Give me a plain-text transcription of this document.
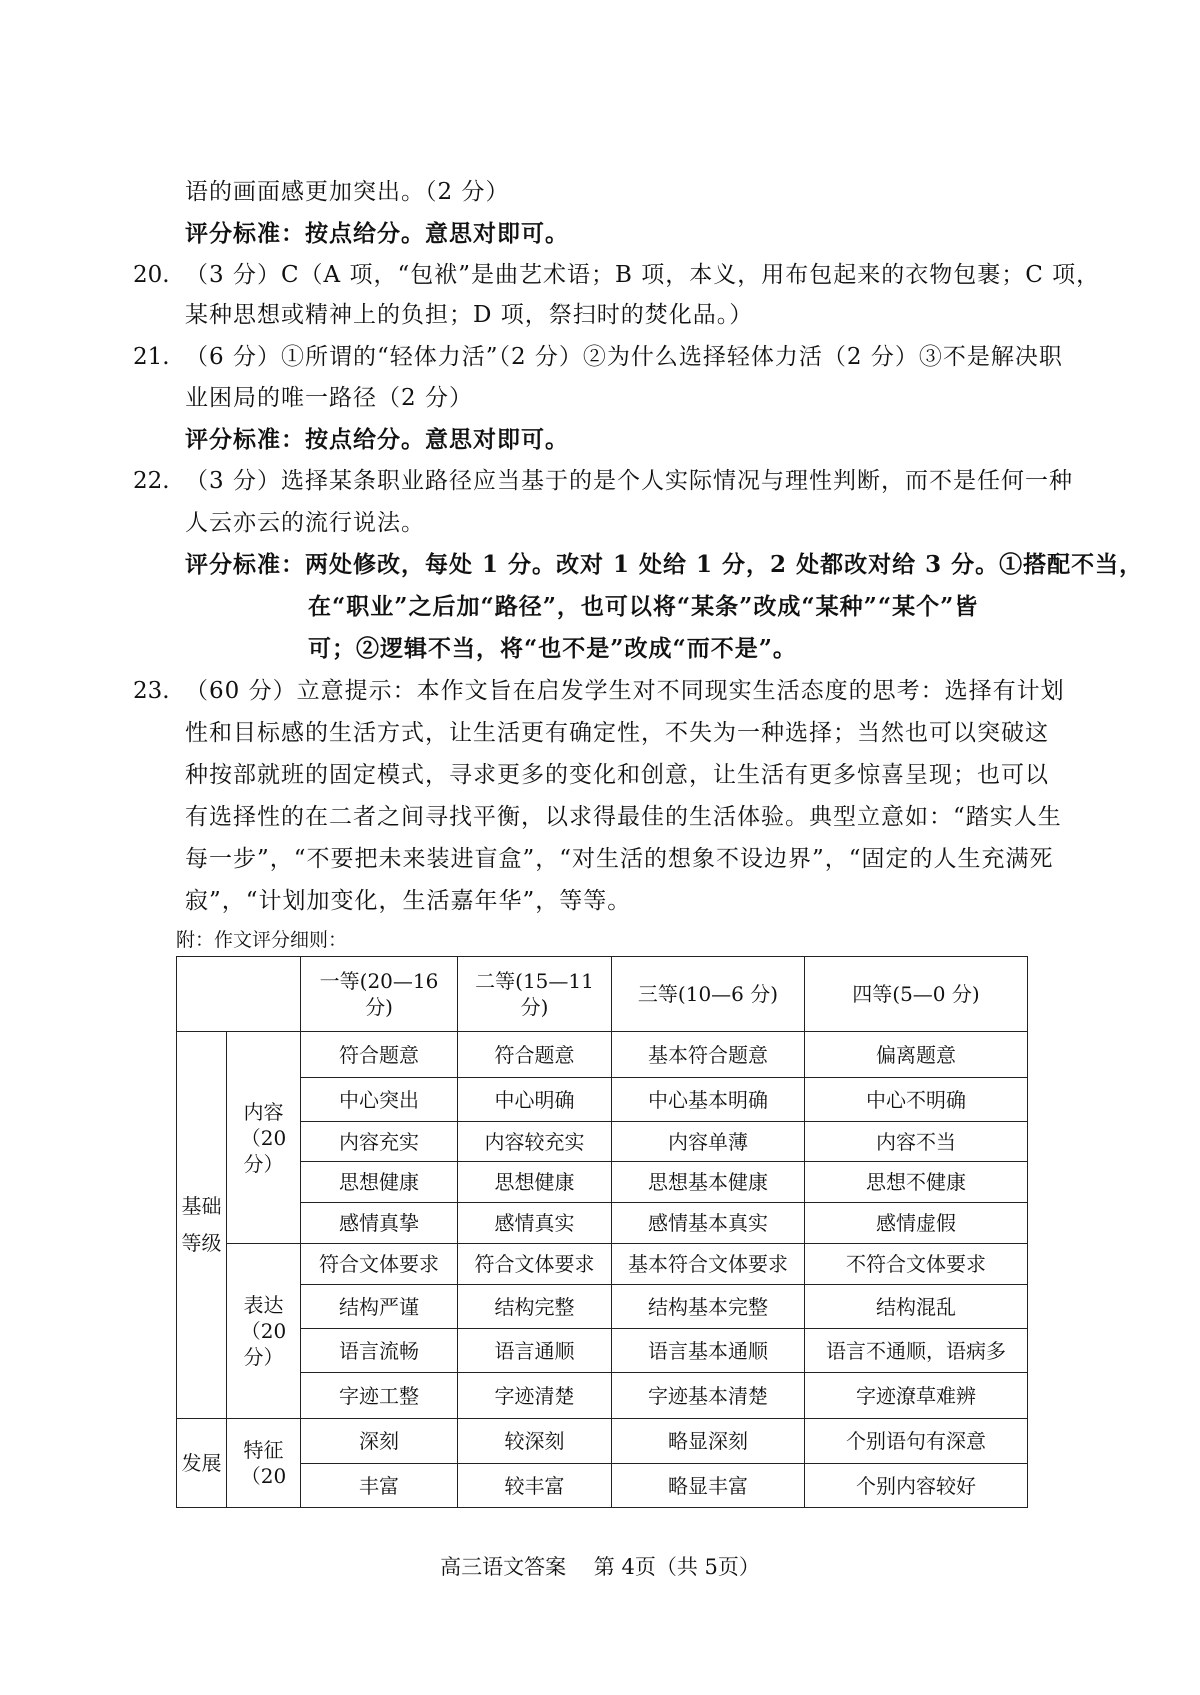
语的画面感更加突出。（2 分）
评分标准：按点给分。意思对即可。
20. （3 分）C（A 项，“包袱”是曲艺术语；B 项，本义，用布包起来的衣物包裹；C 项，
某种思想或精神上的负担；D 项，祭扫时的焚化品。）
21. （6 分）①所谓的“轻体力活”（2 分）②为什么选择轻体力活（2 分）③不是解决职
业困局的唯一路径（2 分）
评分标准：按点给分。意思对即可。
22. （3 分）选择某条职业路径应当基于的是个人实际情况与理性判断，而不是任何一种
人云亦云的流行说法。
评分标准：两处修改，每处 1 分。改对 1 处给 1 分，2 处都改对给 3 分。①搭配不当，
在“职业”之后加“路径”，也可以将“某条”改成“某种”“某个”皆
可；②逻辑不当，将“也不是”改成“而不是”。
23. （60 分）立意提示：本作文旨在启发学生对不同现实生活态度的思考：选择有计划
性和目标感的生活方式，让生活更有确定性，不失为一种选择；当然也可以突破这
种按部就班的固定模式，寻求更多的变化和创意，让生活有更多惊喜呈现；也可以
有选择性的在二者之间寻找平衡，以求得最佳的生活体验。典型立意如：“踏实人生
每一步”，“不要把未来装进盲盒”，“对生活的想象不设边界”，“固定的人生充满死
寂”，“计划加变化，生活嘉年华”，等等。
附：作文评分细则：
		一等(20—16 分)	二等(15—11 分)	三等(10—6 分)	四等(5—0 分)
基础等级	内容（20 分）	符合题意	符合题意	基本符合题意	偏离题意
		中心突出	中心明确	中心基本明确	中心不明确
		内容充实	内容较充实	内容单薄	内容不当
		思想健康	思想健康	思想基本健康	思想不健康
		感情真挚	感情真实	感情基本真实	感情虚假
	表达（20 分）	符合文体要求	符合文体要求	基本符合文体要求	不符合文体要求
		结构严谨	结构完整	结构基本完整	结构混乱
		语言流畅	语言通顺	语言基本通顺	语言不通顺，语病多
		字迹工整	字迹清楚	字迹基本清楚	字迹潦草难辨
发展	特征（20	深刻	较深刻	略显深刻	个别语句有深意
		丰富	较丰富	略显丰富	个别内容较好
高三语文答案　 第 4页（共 5页）
